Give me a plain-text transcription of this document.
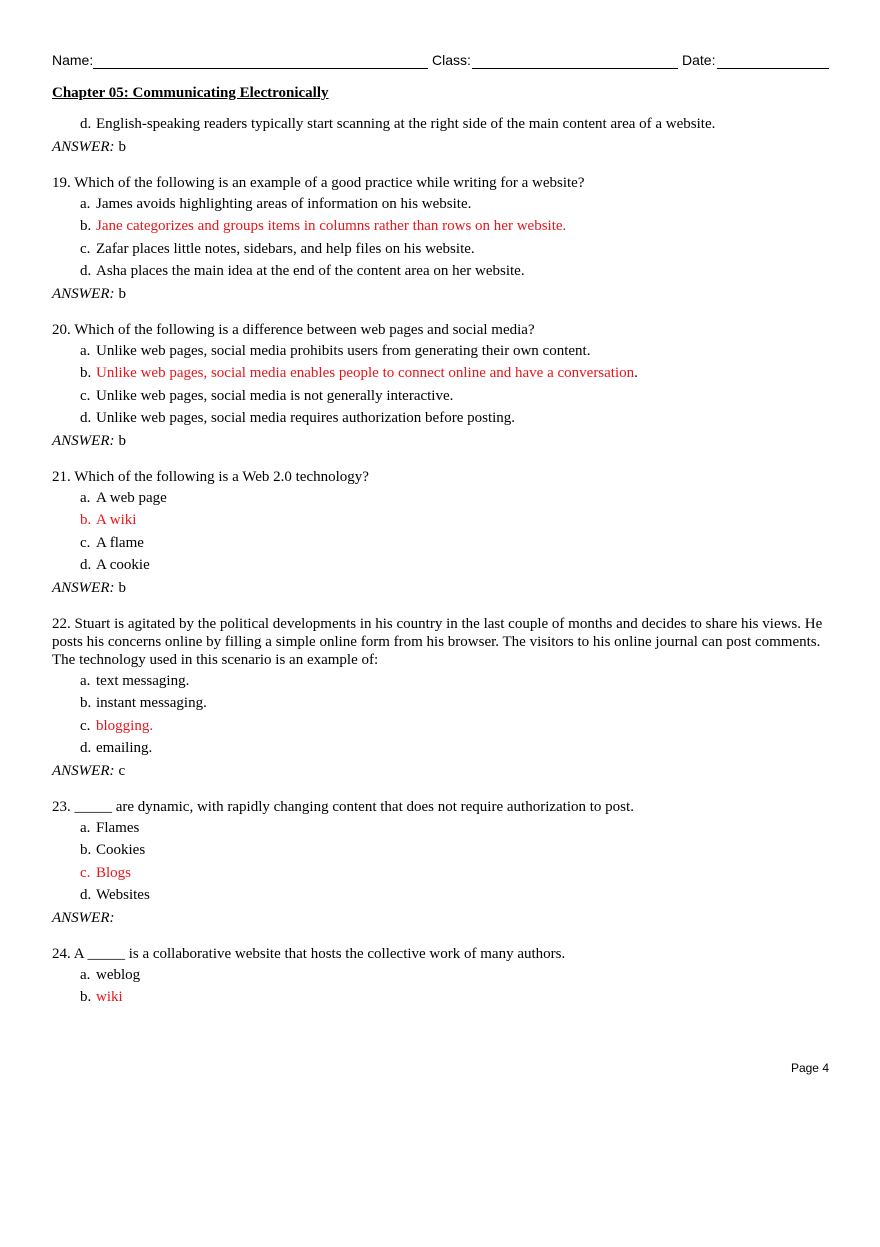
Name:	Class:	Date:
Chapter 05: Communicating Electronically
d. English-speaking readers typically start scanning at the right side of the main content area of a website.
ANSWER: b
19. Which of the following is an example of a good practice while writing for a website?
a. James avoids highlighting areas of information on his website.
b. Jane categorizes and groups items in columns rather than rows on her website.
c. Zafar places little notes, sidebars, and help files on his website.
d. Asha places the main idea at the end of the content area on her website.
ANSWER: b
20. Which of the following is a difference between web pages and social media?
a. Unlike web pages, social media prohibits users from generating their own content.
b. Unlike web pages, social media enables people to connect online and have a conversation.
c. Unlike web pages, social media is not generally interactive.
d. Unlike web pages, social media requires authorization before posting.
ANSWER: b
21. Which of the following is a Web 2.0 technology?
a. A web page
b. A wiki
c. A flame
d. A cookie
ANSWER: b
22. Stuart is agitated by the political developments in his country in the last couple of months and decides to share his views. He posts his concerns online by filling a simple online form from his browser. The visitors to his online journal can post comments. The technology used in this scenario is an example of:
a. text messaging.
b. instant messaging.
c. blogging.
d. emailing.
ANSWER: c
23. _____ are dynamic, with rapidly changing content that does not require authorization to post.
a. Flames
b. Cookies
c. Blogs
d. Websites
ANSWER:
24. A _____ is a collaborative website that hosts the collective work of many authors.
a. weblog
b. wiki
Page 4
